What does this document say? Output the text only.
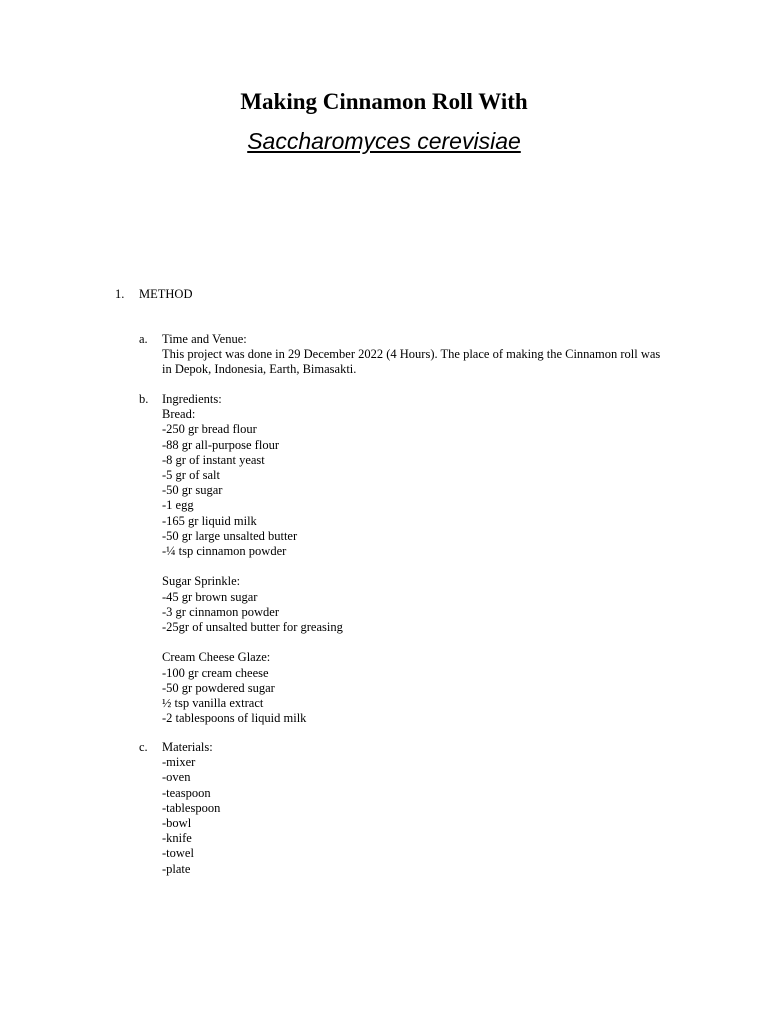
Making Cinnamon Roll With
Saccharomyces cerevisiae
1. METHOD
a. Time and Venue:
This project was done in 29 December 2022 (4 Hours). The place of making the Cinnamon roll was in Depok, Indonesia, Earth, Bimasakti.
b. Ingredients:
Bread:
-250 gr bread flour
-88 gr all-purpose flour
-8 gr of instant yeast
-5 gr of salt
-50 gr sugar
-1 egg
-165 gr liquid milk
-50 gr large unsalted butter
-¼ tsp cinnamon powder
Sugar Sprinkle:
-45 gr brown sugar
-3 gr cinnamon powder
-25gr of unsalted butter for greasing
Cream Cheese Glaze:
-100 gr cream cheese
-50 gr powdered sugar
½ tsp vanilla extract
-2 tablespoons of liquid milk
c. Materials:
-mixer
-oven
-teaspoon
-tablespoon
-bowl
-knife
-towel
-plate
